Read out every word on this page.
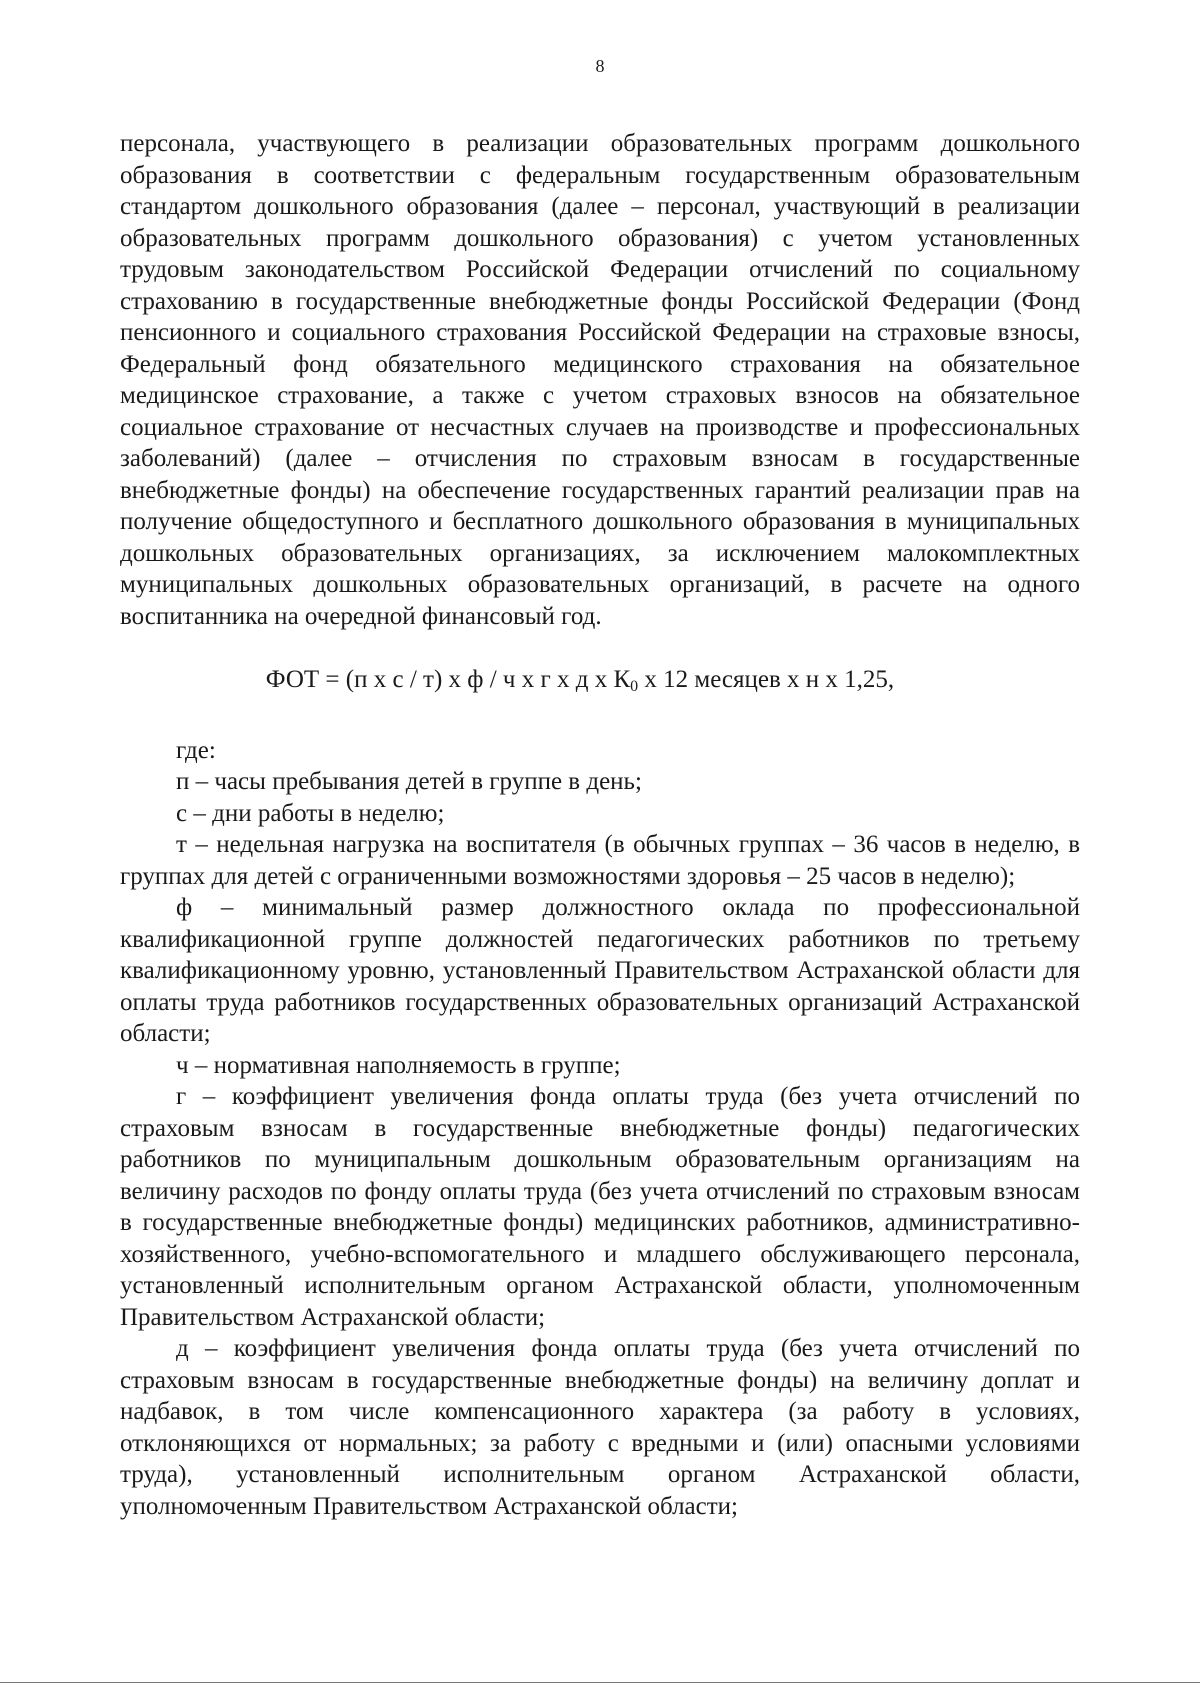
8

персонала, участвующего в реализации образовательных программ дошкольного образования в соответствии с федеральным государственным образовательным стандартом дошкольного образования (далее – персонал, участвующий в реализации образовательных программ дошкольного образования) с учетом установленных трудовым законодательством Российской Федерации отчислений по социальному страхованию в государственные внебюджетные фонды Российской Федерации (Фонд пенсионного и социального страхования Российской Федерации на страховые взносы, Федеральный фонд обязательного медицинского страхования на обязательное медицинское страхование, а также с учетом страховых взносов на обязательное социальное страхование от несчастных случаев на производстве и профессиональных заболеваний) (далее – отчисления по страховым взносам в государственные внебюджетные фонды) на обеспечение государственных гарантий реализации прав на получение общедоступного и бесплатного дошкольного образования в муниципальных дошкольных образовательных организациях, за исключением малокомплектных муниципальных дошкольных образовательных организаций, в расчете на одного воспитанника на очередной финансовый год.

ФОТ = (п х с / т) х ф / ч х г х д х $К_0$ х 12 месяцев х н х 1,25,

где:

п – часы пребывания детей в группе в день;

с – дни работы в неделю;

т – недельная нагрузка на воспитателя (в обычных группах – 36 часов в неделю, в группах для детей с ограниченными возможностями здоровья – 25 часов в неделю);

ф – минимальный размер должностного оклада по профессиональной квалификационной группе должностей педагогических работников по третьему квалификационному уровню, установленный Правительством Астраханской области для оплаты труда работников государственных образовательных организаций Астраханской области;

ч – нормативная наполняемость в группе;

г – коэффициент увеличения фонда оплаты труда (без учета отчислений по страховым взносам в государственные внебюджетные фонды) педагогических работников по муниципальным дошкольным образовательным организациям на величину расходов по фонду оплаты труда (без учета отчислений по страховым взносам в государственные внебюджетные фонды) медицинских работников, административно-хозяйственного, учебно-вспомогательного и младшего обслуживающего персонала, установленный исполнительным органом Астраханской области, уполномоченным Правительством Астраханской области;

д – коэффициент увеличения фонда оплаты труда (без учета отчислений по страховым взносам в государственные внебюджетные фонды) на величину доплат и надбавок, в том числе компенсационного характера (за работу в условиях, отклоняющихся от нормальных; за работу с вредными и (или) опасными условиями труда), установленный исполнительным органом Астраханской области, уполномоченным Правительством Астраханской области;
